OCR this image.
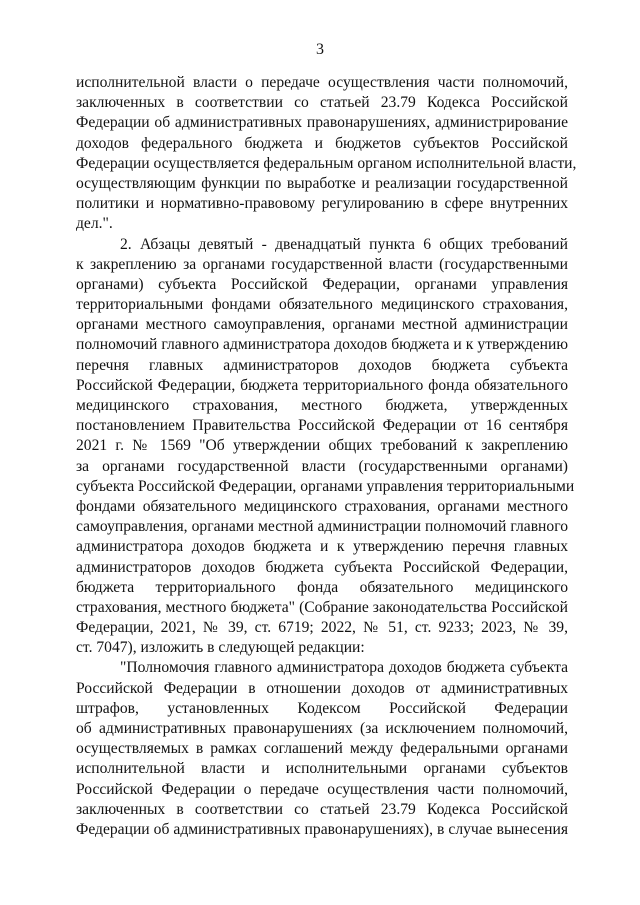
3
исполнительной власти о передаче осуществления части полномочий,
заключенных в соответствии со статьей 23.79 Кодекса Российской
Федерации об административных правонарушениях, администрирование
доходов федерального бюджета и бюджетов субъектов Российской
Федерации осуществляется федеральным органом исполнительной власти,
осуществляющим функции по выработке и реализации государственной
политики и нормативно-правовому регулированию в сфере внутренних
дел.".
2. Абзацы девятый - двенадцатый пункта 6 общих требований
к закреплению за органами государственной власти (государственными
органами) субъекта Российской Федерации, органами управления
территориальными фондами обязательного медицинского страхования,
органами местного самоуправления, органами местной администрации
полномочий главного администратора доходов бюджета и к утверждению
перечня главных администраторов доходов бюджета субъекта
Российской Федерации, бюджета территориального фонда обязательного
медицинского страхования, местного бюджета, утвержденных
постановлением Правительства Российской Федерации от 16 сентября
2021 г. № 1569 "Об утверждении общих требований к закреплению
за органами государственной власти (государственными органами)
субъекта Российской Федерации, органами управления территориальными
фондами обязательного медицинского страхования, органами местного
самоуправления, органами местной администрации полномочий главного
администратора доходов бюджета и к утверждению перечня главных
администраторов доходов бюджета субъекта Российской Федерации,
бюджета территориального фонда обязательного медицинского
страхования, местного бюджета" (Собрание законодательства Российской
Федерации, 2021, № 39, ст. 6719; 2022, № 51, ст. 9233; 2023, № 39,
ст. 7047), изложить в следующей редакции:
"Полномочия главного администратора доходов бюджета субъекта
Российской Федерации в отношении доходов от административных
штрафов, установленных Кодексом Российской Федерации
об административных правонарушениях (за исключением полномочий,
осуществляемых в рамках соглашений между федеральными органами
исполнительной власти и исполнительными органами субъектов
Российской Федерации о передаче осуществления части полномочий,
заключенных в соответствии со статьей 23.79 Кодекса Российской
Федерации об административных правонарушениях), в случае вынесения
